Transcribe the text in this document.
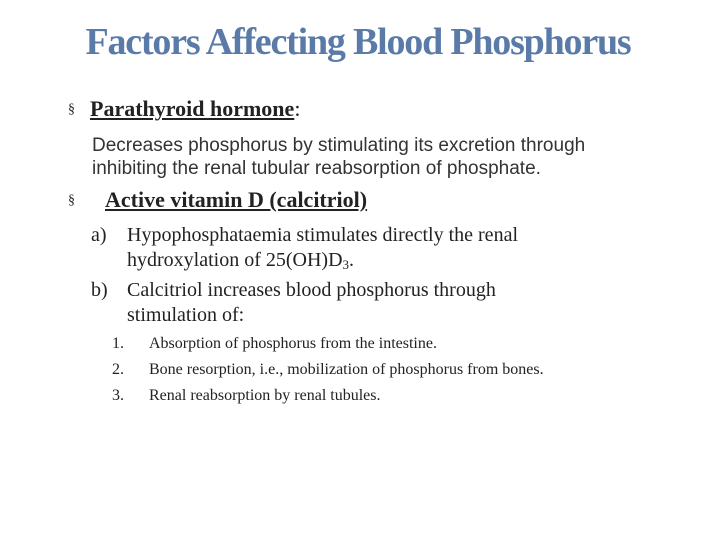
Factors Affecting Blood Phosphorus
§ Parathyroid hormone:
Decreases phosphorus by stimulating its excretion through
inhibiting the renal tubular reabsorption of phosphate.
§ Active vitamin D (calcitriol)
a) Hypophosphataemia stimulates directly the renal
hydroxylation of $25(OH)D_3$.
b) Calcitriol increases blood phosphorus through
stimulation of:
1. Absorption of phosphorus from the intestine.
2. Bone resorption, i.e., mobilization of phosphorus from bones.
3. Renal reabsorption by renal tubules.
